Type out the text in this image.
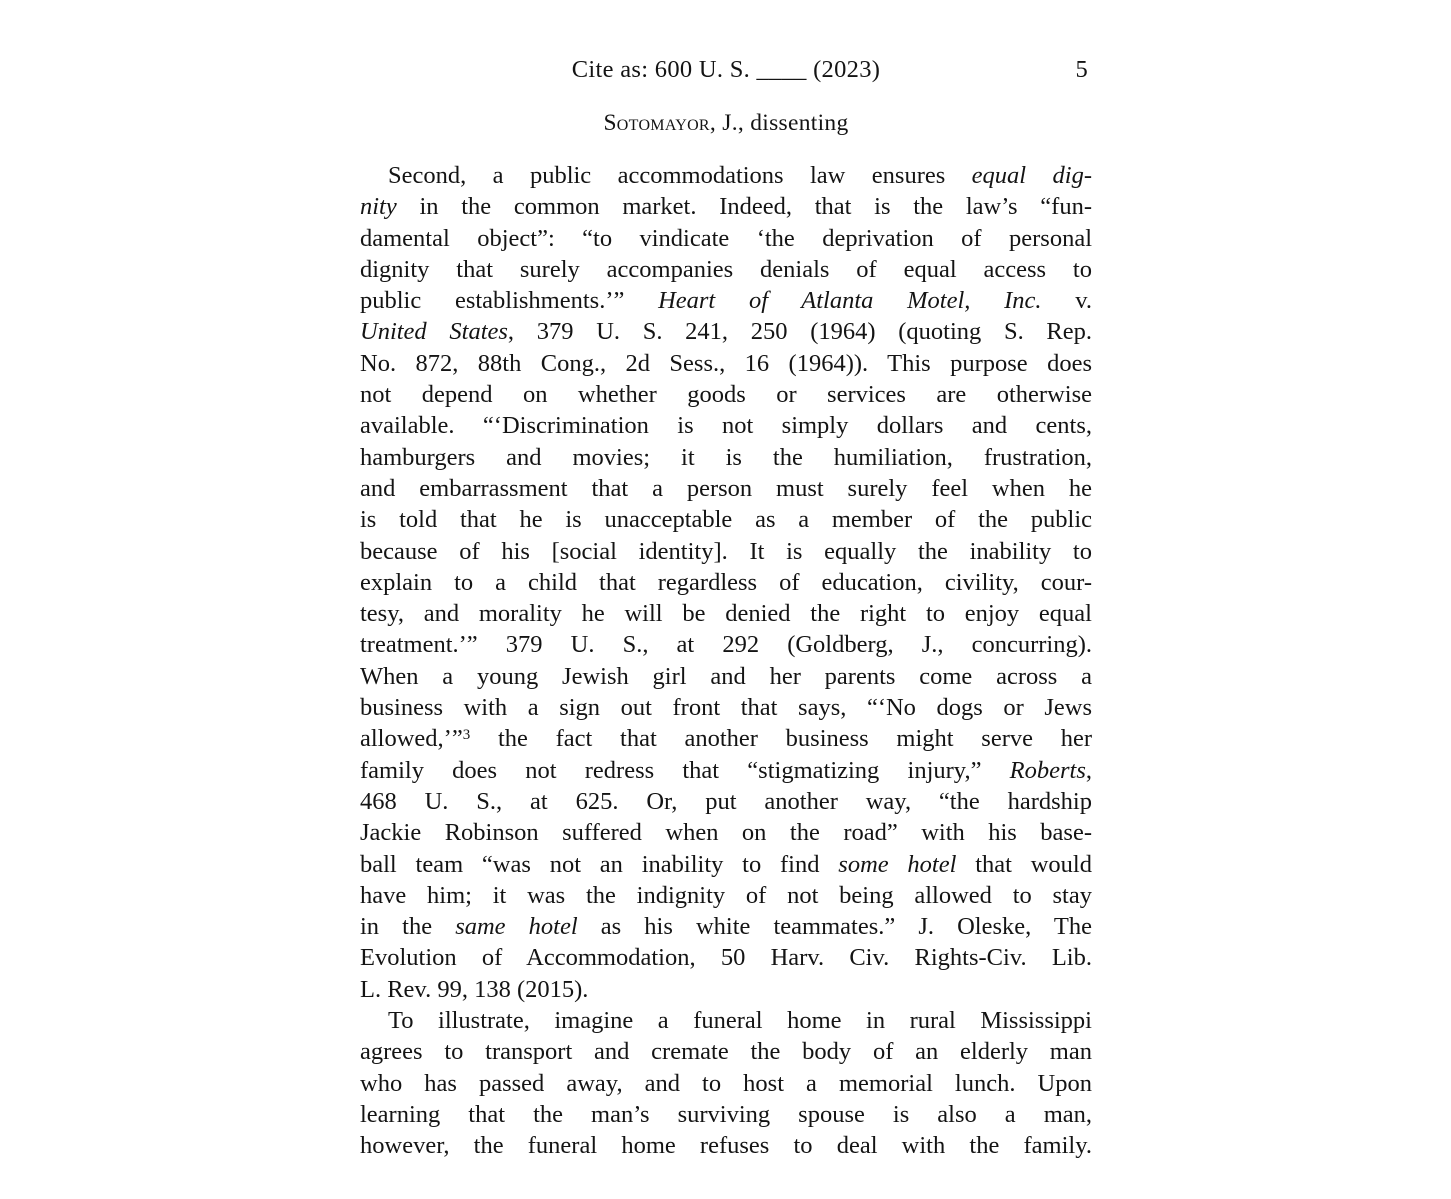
Cite as: 600 U. S. ____ (2023)	5
Sotomayor, J., dissenting
Second, a public accommodations law ensures equal dig-
nity in the common market. Indeed, that is the law’s “fun-
damental object”: “to vindicate ‘the deprivation of personal
dignity that surely accompanies denials of equal access to
public establishments.’” Heart of Atlanta Motel, Inc. v.
United States, 379 U. S. 241, 250 (1964) (quoting S. Rep.
No. 872, 88th Cong., 2d Sess., 16 (1964)). This purpose does
not depend on whether goods or services are otherwise
available. “‘Discrimination is not simply dollars and cents,
hamburgers and movies; it is the humiliation, frustration,
and embarrassment that a person must surely feel when he
is told that he is unacceptable as a member of the public
because of his [social identity]. It is equally the inability to
explain to a child that regardless of education, civility, cour-
tesy, and morality he will be denied the right to enjoy equal
treatment.’” 379 U. S., at 292 (Goldberg, J., concurring).
When a young Jewish girl and her parents come across a
business with a sign out front that says, “‘No dogs or Jews
allowed,’”$^3$ the fact that another business might serve her
family does not redress that “stigmatizing injury,” Roberts,
468 U. S., at 625. Or, put another way, “the hardship
Jackie Robinson suffered when on the road” with his base-
ball team “was not an inability to find some hotel that would
have him; it was the indignity of not being allowed to stay
in the same hotel as his white teammates.” J. Oleske, The
Evolution of Accommodation, 50 Harv. Civ. Rights-Civ. Lib.
L. Rev. 99, 138 (2015).
To illustrate, imagine a funeral home in rural Mississippi
agrees to transport and cremate the body of an elderly man
who has passed away, and to host a memorial lunch. Upon
learning that the man’s surviving spouse is also a man,
however, the funeral home refuses to deal with the family.
